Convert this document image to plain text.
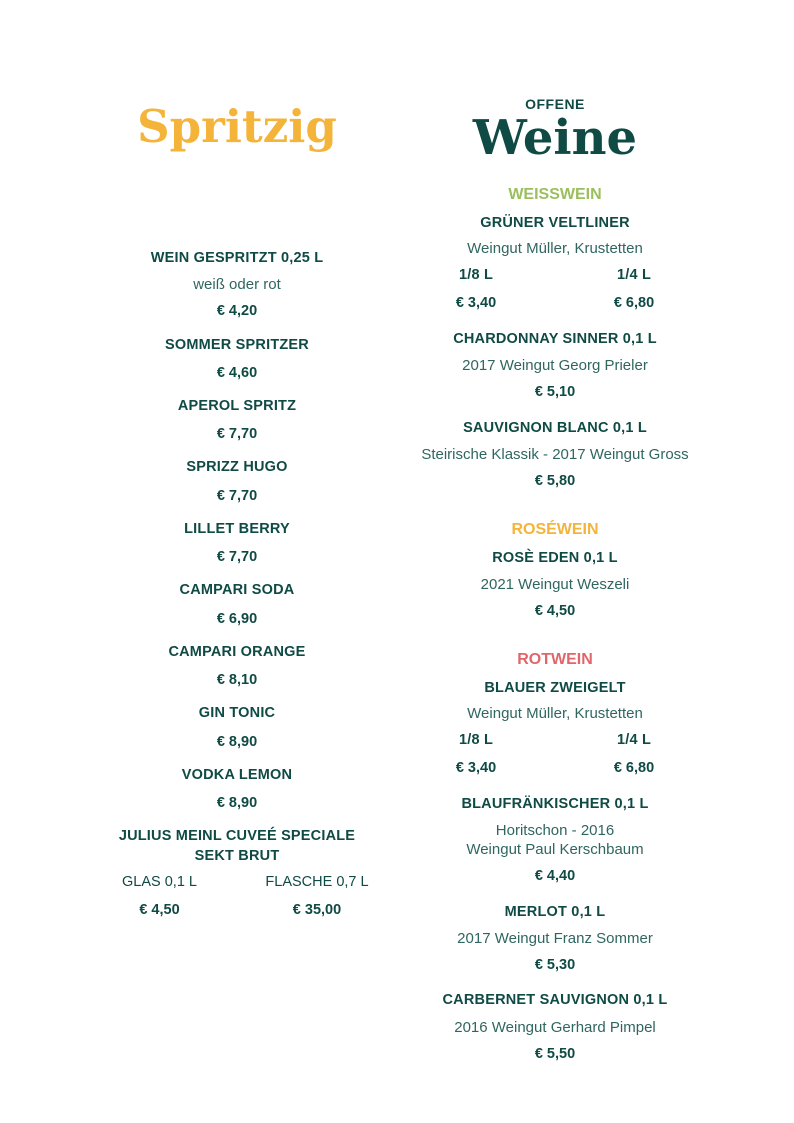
Spritzig
WEIN GESPRITZT 0,25 L
weiß oder rot
€ 4,20
SOMMER SPRITZER
€ 4,60
APEROL SPRITZ
€ 7,70
SPRIZZ HUGO
€ 7,70
LILLET BERRY
€ 7,70
CAMPARI SODA
€ 6,90
CAMPARI ORANGE
€ 8,10
GIN TONIC
€ 8,90
VODKA LEMON
€ 8,90
JULIUS MEINL CUVEÉ SPECIALE
SEKT BRUT
GLAS 0,1 L	FLASCHE 0,7 L
€ 4,50	€ 35,00
OFFENE
Weine
WEISSWEIN
GRÜNER VELTLINER
Weingut Müller, Krustetten
1/8 L	1/4 L
€ 3,40	€ 6,80
CHARDONNAY SINNER 0,1 L
2017 Weingut Georg Prieler
€ 5,10
SAUVIGNON BLANC 0,1 L
Steirische Klassik - 2017 Weingut Gross
€ 5,80
ROSÉWEIN
ROSÈ EDEN 0,1 L
2021 Weingut Weszeli
€ 4,50
ROTWEIN
BLAUER ZWEIGELT
Weingut Müller, Krustetten
1/8 L	1/4 L
€ 3,40	€ 6,80
BLAUFRÄNKISCHER 0,1 L
Horitschon - 2016
Weingut Paul Kerschbaum
€ 4,40
MERLOT 0,1 L
2017 Weingut Franz Sommer
€ 5,30
CARBERNET SAUVIGNON 0,1 L
2016 Weingut Gerhard Pimpel
€ 5,50
